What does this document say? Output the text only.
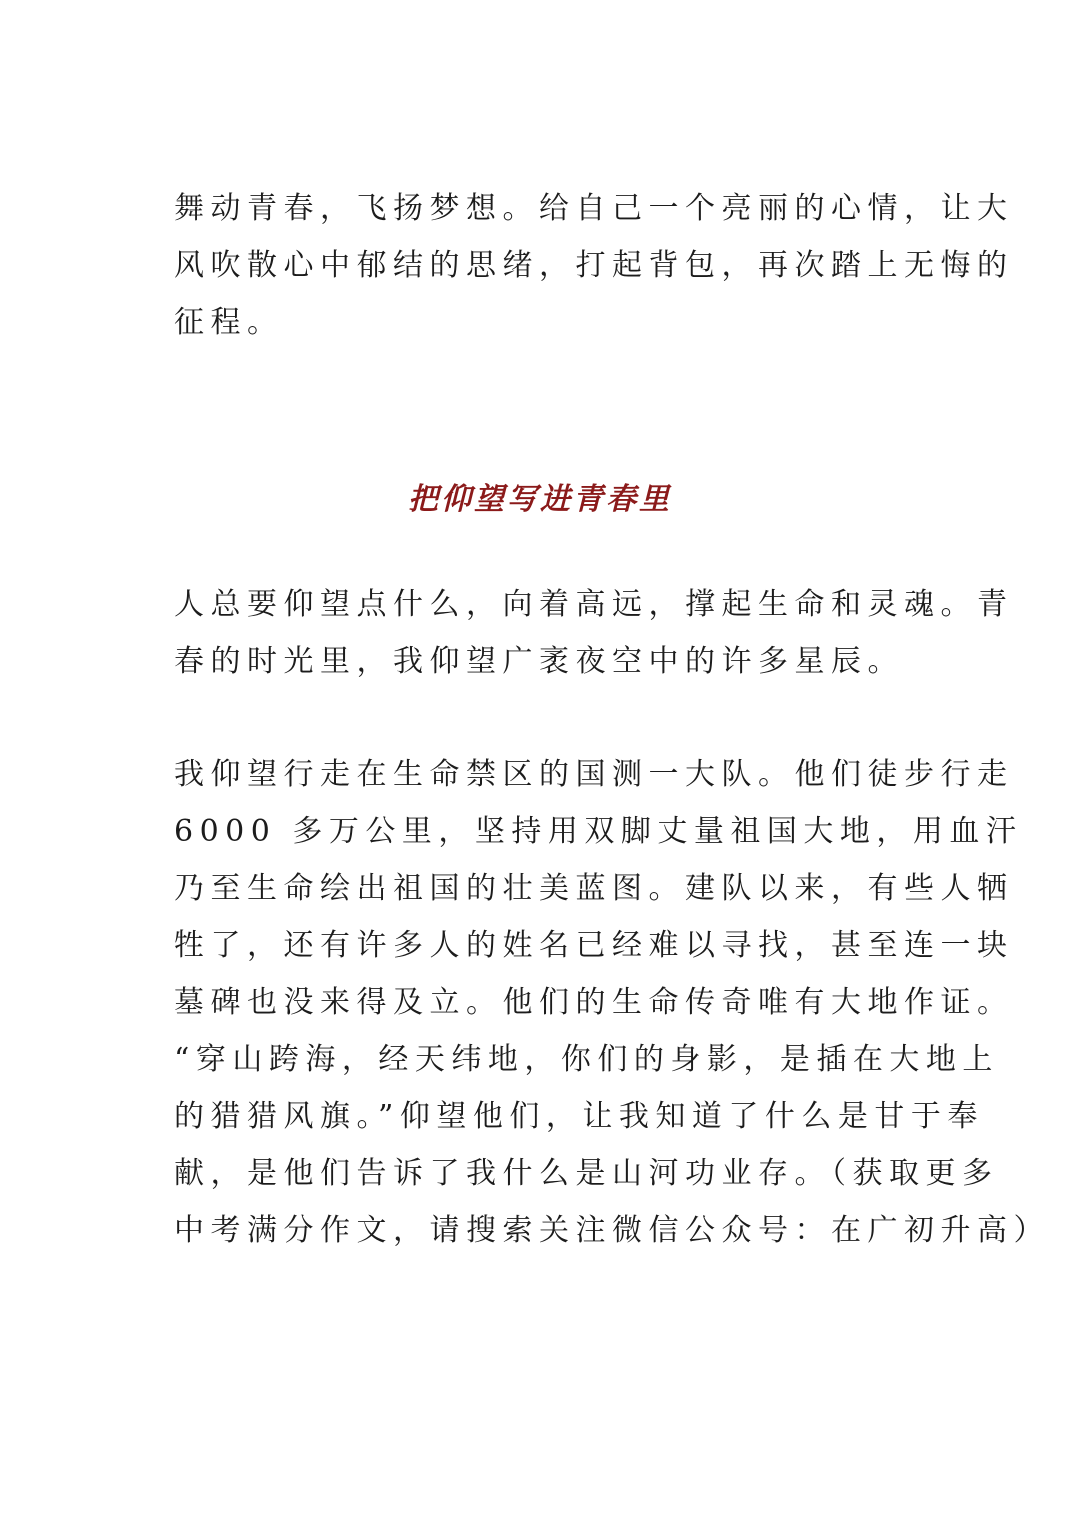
舞动青春，飞扬梦想。给自己一个亮丽的心情，让大
风吹散心中郁结的思绪，打起背包，再次踏上无悔的
征程。

把仰望写进青春里

人总要仰望点什么，向着高远，撑起生命和灵魂。青
春的时光里，我仰望广袤夜空中的许多星辰。

我仰望行走在生命禁区的国测一大队。他们徒步行走
6000 多万公里，坚持用双脚丈量祖国大地，用血汗
乃至生命绘出祖国的壮美蓝图。建队以来，有些人牺
牲了，还有许多人的姓名已经难以寻找，甚至连一块
墓碑也没来得及立。他们的生命传奇唯有大地作证。
“穿山跨海，经天纬地，你们的身影，是插在大地上
的猎猎风旗。”仰望他们，让我知道了什么是甘于奉
献，是他们告诉了我什么是山河功业存。（获取更多
中考满分作文，请搜索关注微信公众号：在广初升高）
